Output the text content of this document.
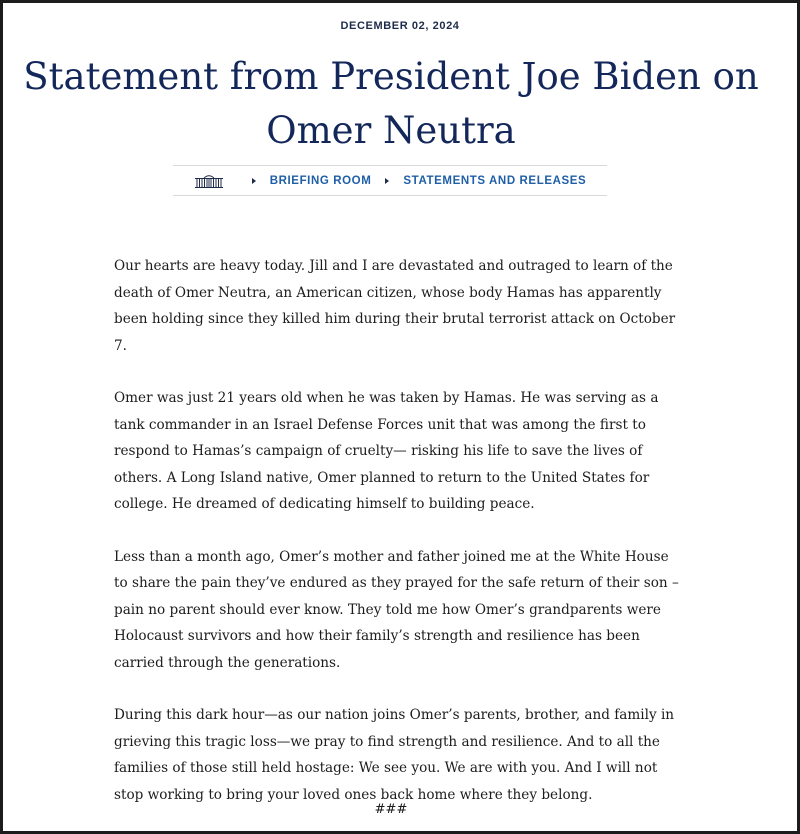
DECEMBER 02, 2024
Statement from President Joe Biden on Omer Neutra
BRIEFING ROOM	STATEMENTS AND RELEASES

Our hearts are heavy today. Jill and I are devastated and outraged to learn of the death of Omer Neutra, an American citizen, whose body Hamas has apparently been holding since they killed him during their brutal terrorist attack on October 7.

Omer was just 21 years old when he was taken by Hamas. He was serving as a tank commander in an Israel Defense Forces unit that was among the first to respond to Hamas’s campaign of cruelty— risking his life to save the lives of others. A Long Island native, Omer planned to return to the United States for college. He dreamed of dedicating himself to building peace.

Less than a month ago, Omer’s mother and father joined me at the White House to share the pain they’ve endured as they prayed for the safe return of their son – pain no parent should ever know. They told me how Omer’s grandparents were Holocaust survivors and how their family’s strength and resilience has been carried through the generations.

During this dark hour—as our nation joins Omer’s parents, brother, and family in grieving this tragic loss—we pray to find strength and resilience. And to all the families of those still held hostage: We see you. We are with you. And I will not stop working to bring your loved ones back home where they belong.

###
